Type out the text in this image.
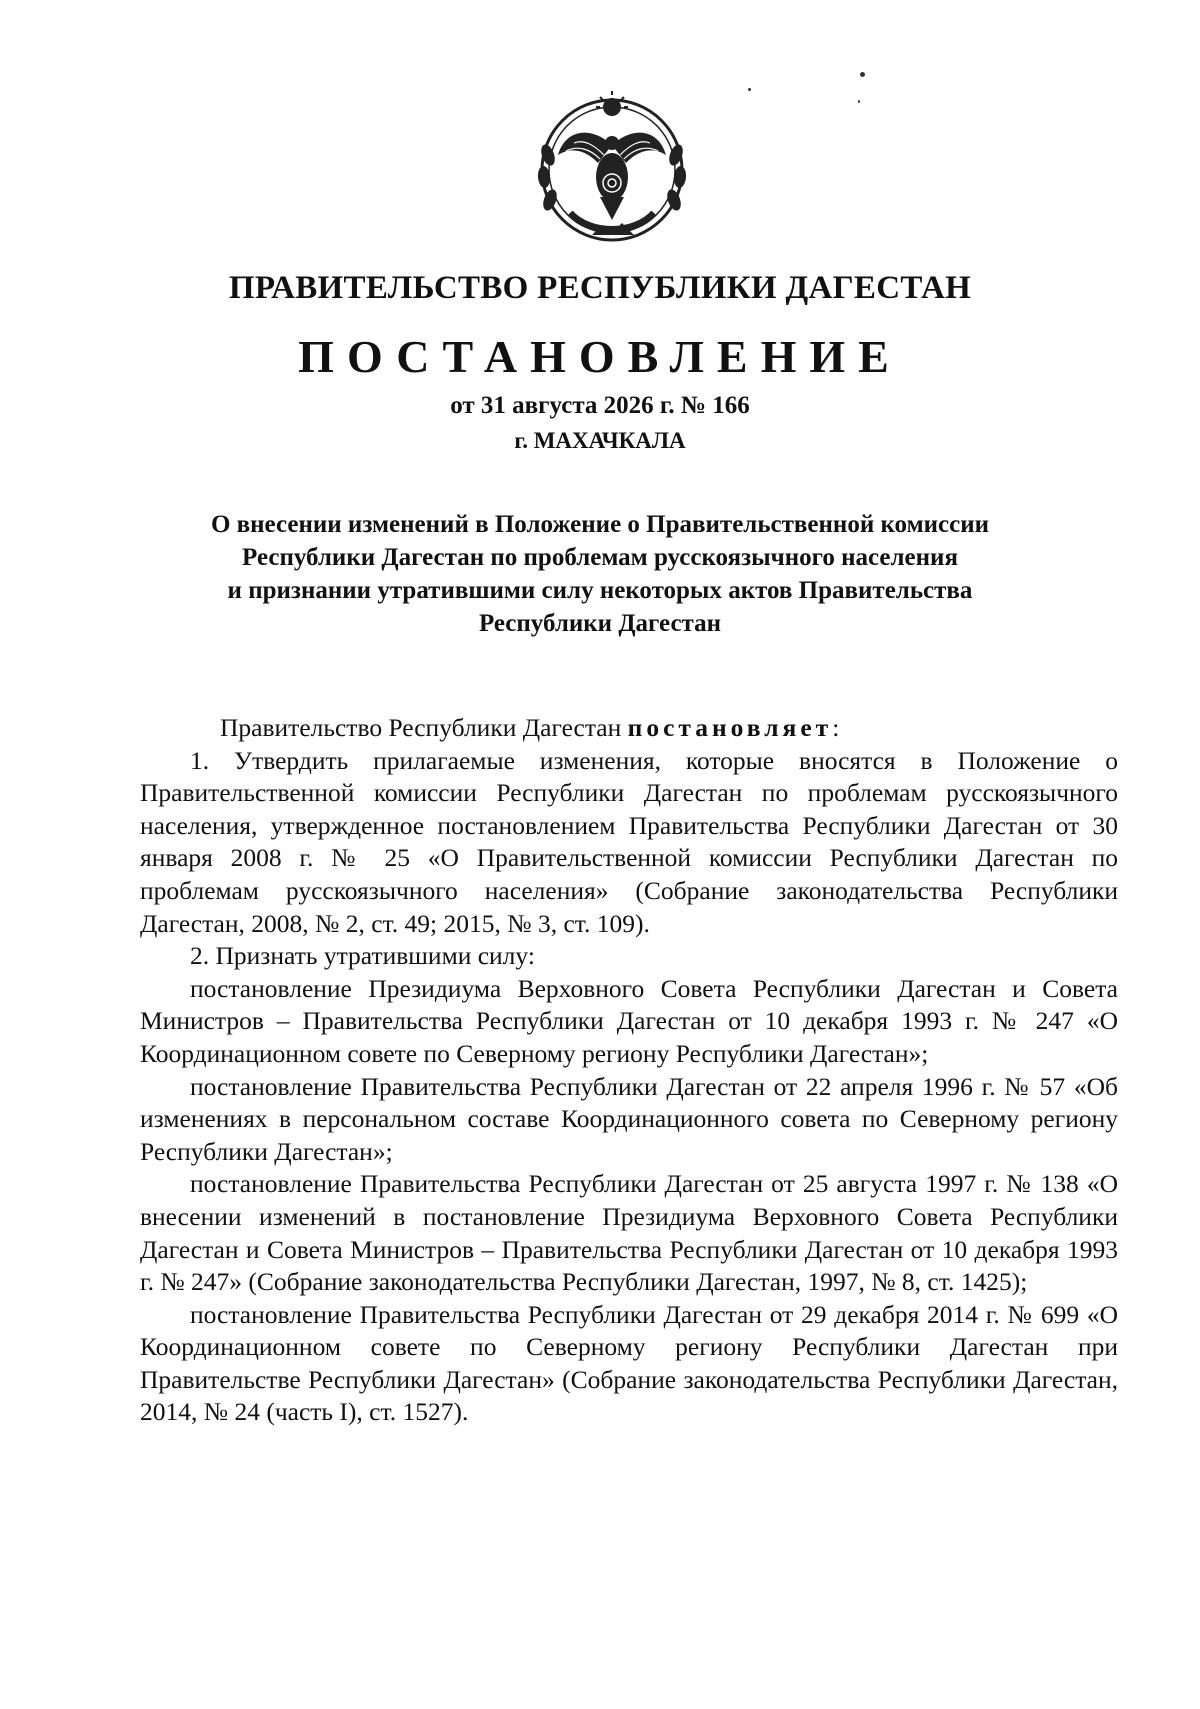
ПРАВИТЕЛЬСТВО РЕСПУБЛИКИ ДАГЕСТАН
ПОСТАНОВЛЕНИЕ
от 31 августа 2026 г. № 166
г. МАХАЧКАЛА
О внесении изменений в Положение о Правительственной комиссии
Республики Дагестан по проблемам русскоязычного населения
и признании утратившими силу некоторых актов Правительства
Республики Дагестан

Правительство Республики Дагестан постановляет:

1. Утвердить прилагаемые изменения, которые вносятся в Положение о Правительственной комиссии Республики Дагестан по проблемам русскоязычного населения, утвержденное постановлением Правительства Республики Дагестан от 30 января 2008 г. № 25 «О Правительственной комиссии Республики Дагестан по проблемам русскоязычного населения» (Собрание законодательства Республики Дагестан, 2008, № 2, ст. 49; 2015, № 3, ст. 109).

2. Признать утратившими силу:

постановление Президиума Верховного Совета Республики Дагестан и Совета Министров – Правительства Республики Дагестан от 10 декабря 1993 г. № 247 «О Координационном совете по Северному региону Республики Дагестан»;

постановление Правительства Республики Дагестан от 22 апреля 1996 г. № 57 «Об изменениях в персональном составе Координационного совета по Северному региону Республики Дагестан»;

постановление Правительства Республики Дагестан от 25 августа 1997 г. № 138 «О внесении изменений в постановление Президиума Верховного Совета Республики Дагестан и Совета Министров – Правительства Республики Дагестан от 10 декабря 1993 г. № 247» (Собрание законодательства Республики Дагестан, 1997, № 8, ст. 1425);

постановление Правительства Республики Дагестан от 29 декабря 2014 г. № 699 «О Координационном совете по Северному региону Республики Дагестан при Правительстве Республики Дагестан» (Собрание законодательства Республики Дагестан, 2014, № 24 (часть I), ст. 1527).
